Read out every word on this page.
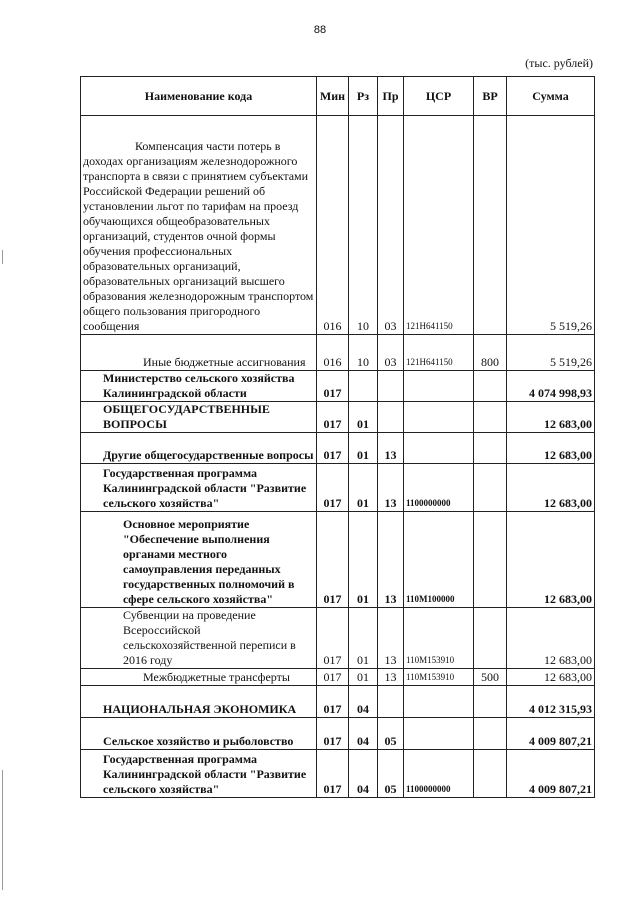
88
(тыс. рублей)
Наименование кода	Мин	Рз	Пр	ЦСР	ВР	Сумма

Компенсация части потерь в доходах организациям железнодорожного транспорта в связи с принятием субъектами Российской Федерации решений об установлении льгот по тарифам на проезд обучающихся общеобразовательных организаций, студентов очной формы обучения профессиональных образовательных организаций, образовательных организаций высшего образования железнодорожным транспортом общего пользования пригородного сообщения	016	10	03	121Н641150		5 519,26

Иные бюджетные ассигнования	016	10	03	121Н641150	800	5 519,26

Министерство сельского хозяйства Калининградской области	017					4 074 998,93

ОБЩЕГОСУДАРСТВЕННЫЕ ВОПРОСЫ	017	01				12 683,00

Другие общегосударственные вопросы	017	01	13			12 683,00

Государственная программа Калининградской области "Развитие сельского хозяйства"	017	01	13	1100000000		12 683,00

Основное мероприятие "Обеспечение выполнения органами местного самоуправления переданных государственных полномочий в сфере сельского хозяйства"	017	01	13	110М100000		12 683,00

Субвенции на проведение Всероссийской сельскохозяйственной переписи в 2016 году	017	01	13	110М153910		12 683,00

Межбюджетные трансферты	017	01	13	110М153910	500	12 683,00

НАЦИОНАЛЬНАЯ ЭКОНОМИКА	017	04				4 012 315,93

Сельское хозяйство и рыболовство	017	04	05			4 009 807,21

Государственная программа Калининградской области "Развитие сельского хозяйства"	017	04	05	1100000000		4 009 807,21
